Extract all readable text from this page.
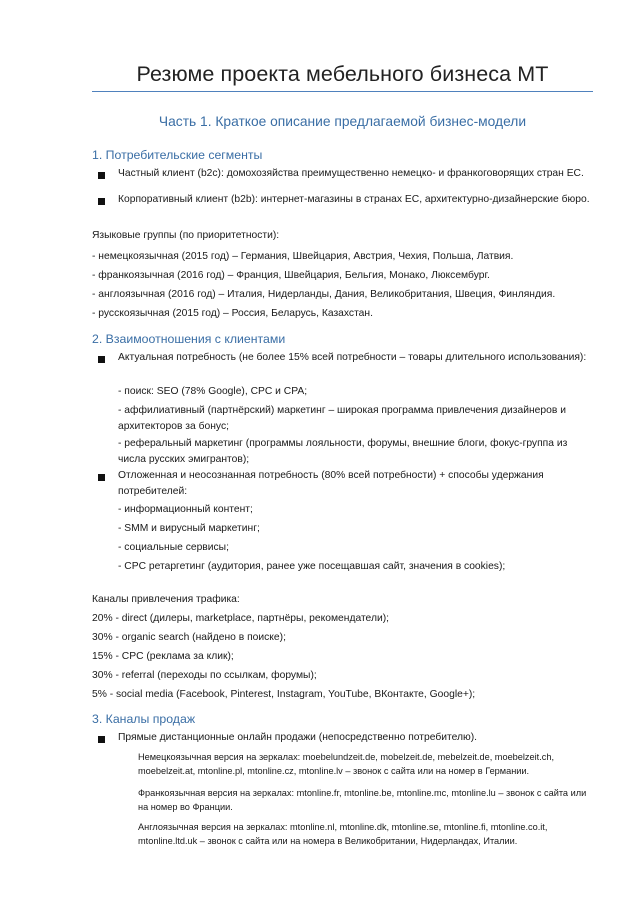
Резюме проекта мебельного бизнеса МТ
Часть 1. Краткое описание предлагаемой бизнес-модели
1. Потребительские сегменты
Частный клиент (b2c): домохозяйства преимущественно немецко- и франкоговорящих стран ЕС.
Корпоративный клиент (b2b): интернет-магазины в странах ЕС, архитектурно-дизайнерские бюро.
Языковые группы (по приоритетности):
- немецкоязычная (2015 год) – Германия, Швейцария, Австрия, Чехия, Польша, Латвия.
- франкоязычная (2016 год) – Франция, Швейцария, Бельгия, Монако, Люксембург.
- англоязычная (2016 год) – Италия, Нидерланды, Дания, Великобритания, Швеция, Финляндия.
- русскоязычная (2015 год) – Россия, Беларусь, Казахстан.
2. Взаимоотношения с клиентами
Актуальная потребность (не более 15% всей потребности – товары длительного использования):
- поиск: SEO (78% Google), CPC и CPA;
- аффилиативный (партнёрский) маркетинг – широкая программа привлечения дизайнеров и архитекторов за бонус;
- реферальный маркетинг (программы лояльности, форумы, внешние блоги, фокус-группа из числа русских эмигрантов);
Отложенная и неосознанная потребность (80% всей потребности) + способы удержания потребителей:
- информационный контент;
- SMM и вирусный маркетинг;
- социальные сервисы;
- CPC ретаргетинг (аудитория, ранее уже посещавшая сайт, значения в cookies);
Каналы привлечения трафика:
20% - direct (дилеры, marketplace, партнёры, рекомендатели);
30% - organic search (найдено в поиске);
15% - CPC (реклама за клик);
30% - referral (переходы по ссылкам, форумы);
5% - social media (Facebook, Pinterest, Instagram, YouTube, ВКонтакте, Google+);
3. Каналы продаж
Прямые дистанционные онлайн продажи (непосредственно потребителю).
Немецкоязычная версия на зеркалах: moebelundzeit.de, mobelzeit.de, mebelzeit.de, moebelzeit.ch, moebelzeit.at, mtonline.pl, mtonline.cz, mtonline.lv – звонок с сайта или на номер в Германии.
Франкоязычная версия на зеркалах: mtonline.fr, mtonline.be, mtonline.mc, mtonline.lu – звонок с сайта или на номер во Франции.
Англоязычная версия на зеркалах: mtonline.nl, mtonline.dk, mtonline.se, mtonline.fi, mtonline.co.it, mtonline.ltd.uk – звонок с сайта или на номера в Великобритании, Нидерландах, Италии.
